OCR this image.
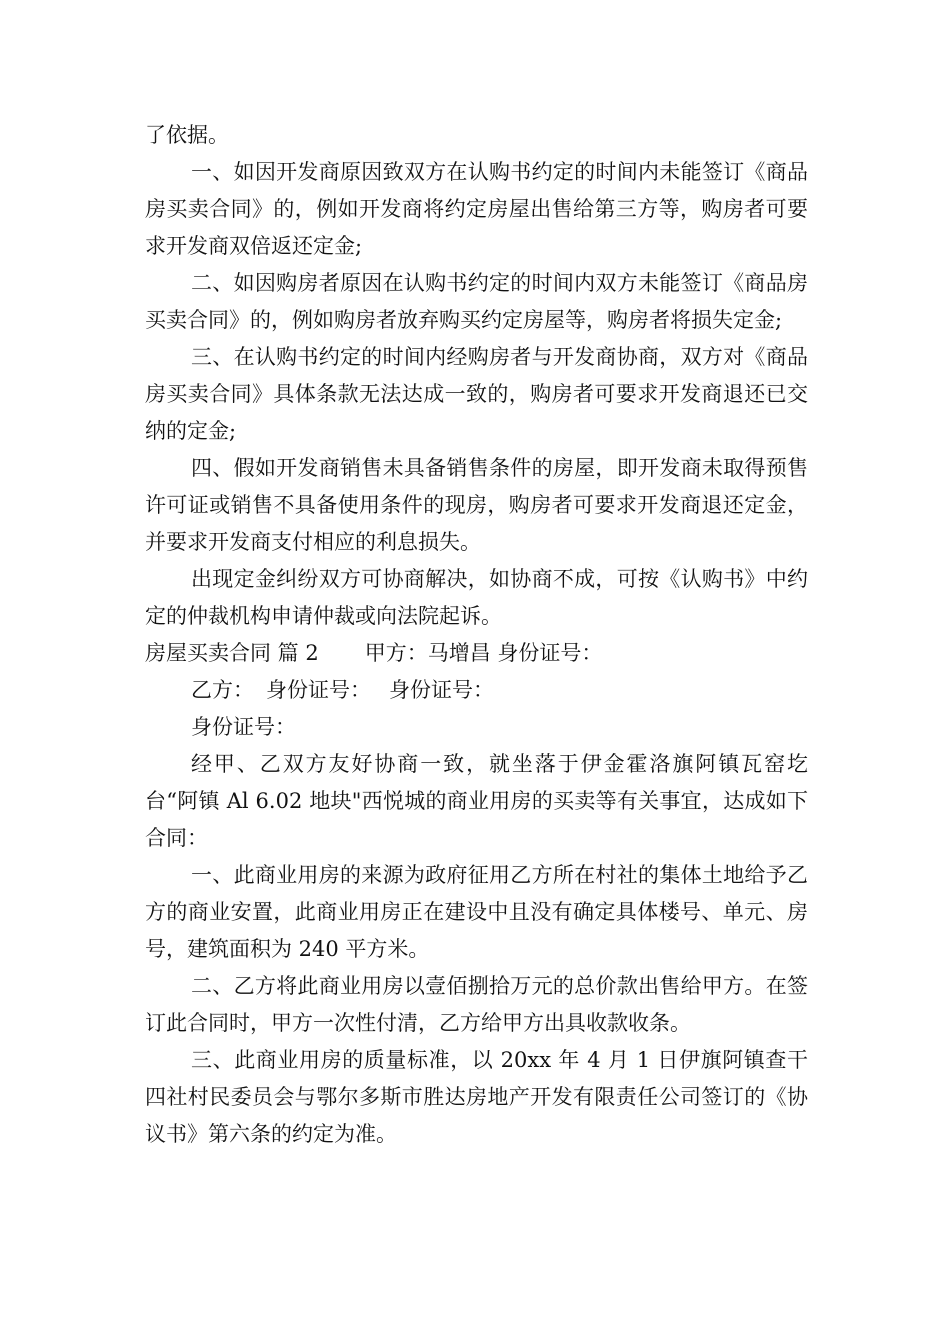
了依据。

一、如因开发商原因致双方在认购书约定的时间内未能签订《商品房买卖合同》的，例如开发商将约定房屋出售给第三方等，购房者可要求开发商双倍返还定金;

二、如因购房者原因在认购书约定的时间内双方未能签订《商品房买卖合同》的，例如购房者放弃购买约定房屋等，购房者将损失定金;

三、在认购书约定的时间内经购房者与开发商协商，双方对《商品房买卖合同》具体条款无法达成一致的，购房者可要求开发商退还已交纳的定金;

四、假如开发商销售未具备销售条件的房屋，即开发商未取得预售许可证或销售不具备使用条件的现房，购房者可要求开发商退还定金，并要求开发商支付相应的利息损失。

出现定金纠纷双方可协商解决，如协商不成，可按《认购书》中约定的仲裁机构申请仲裁或向法院起诉。

房屋买卖合同 篇 2 甲方：马增昌 身份证号：

乙方： 身份证号： 身份证号：

身份证号：

经甲、乙双方友好协商一致，就坐落于伊金霍洛旗阿镇瓦窑圪台“阿镇 Al 6.02 地块"西悦城的商业用房的买卖等有关事宜，达成如下合同：

一、此商业用房的来源为政府征用乙方所在村社的集体土地给予乙方的商业安置，此商业用房正在建设中且没有确定具体楼号、单元、房号，建筑面积为 240 平方米。

二、乙方将此商业用房以壹佰捌拾万元的总价款出售给甲方。在签订此合同时，甲方一次性付清，乙方给甲方出具收款收条。

三、此商业用房的质量标准，以 20xx 年 4 月 1 日伊旗阿镇查干四社村民委员会与鄂尔多斯市胜达房地产开发有限责任公司签订的《协议书》第六条的约定为准。
